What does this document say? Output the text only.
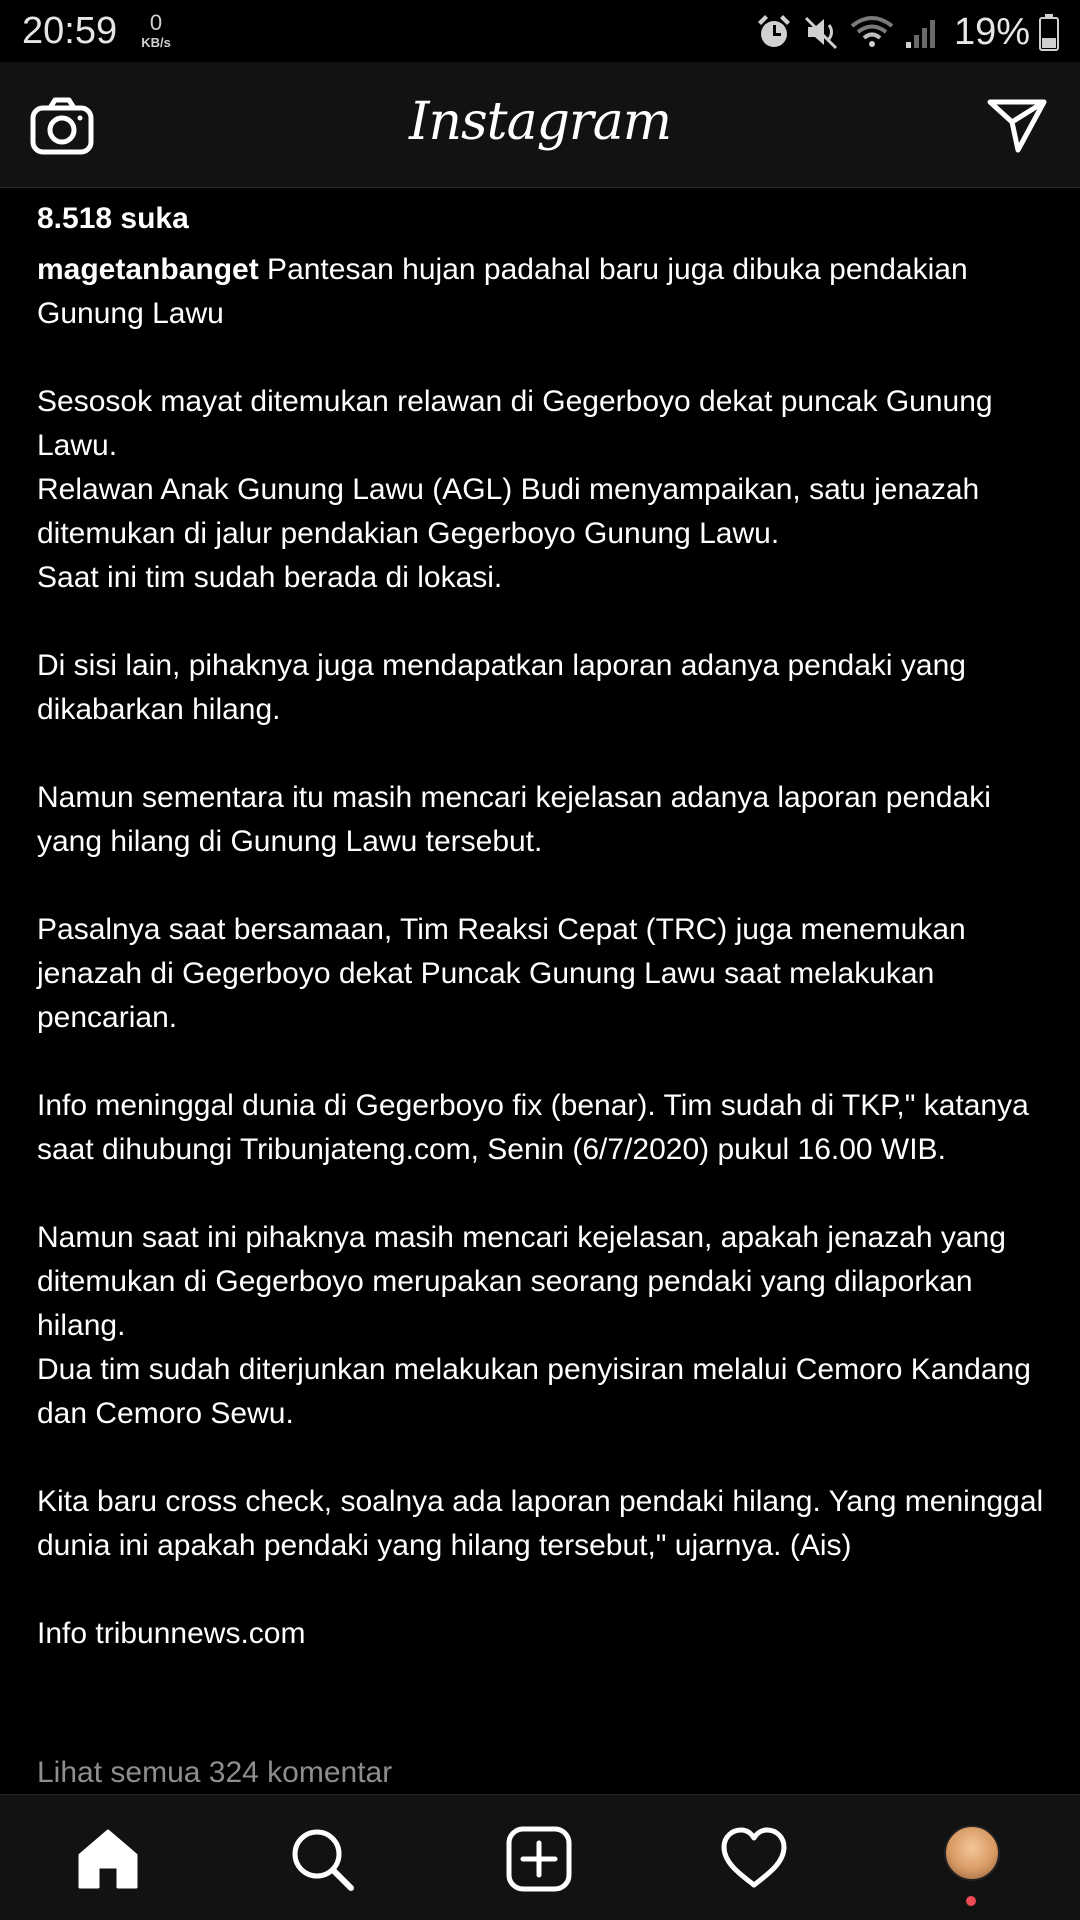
20:59	0
KB/s	19%
Instagram
8.518 suka

magetanbanget Pantesan hujan padahal baru juga dibuka pendakian Gunung Lawu

Sesosok mayat ditemukan relawan di Gegerboyo dekat puncak Gunung Lawu.

Relawan Anak Gunung Lawu (AGL) Budi menyampaikan, satu jenazah ditemukan di jalur pendakian Gegerboyo Gunung Lawu.

Saat ini tim sudah berada di lokasi.

Di sisi lain, pihaknya juga mendapatkan laporan adanya pendaki yang dikabarkan hilang.

Namun sementara itu masih mencari kejelasan adanya laporan pendaki yang hilang di Gunung Lawu tersebut.

Pasalnya saat bersamaan, Tim Reaksi Cepat (TRC) juga menemukan jenazah di Gegerboyo dekat Puncak Gunung Lawu saat melakukan pencarian.

Info meninggal dunia di Gegerboyo fix (benar). Tim sudah di TKP," katanya saat dihubungi Tribunjateng.com, Senin (6/7/2020) pukul 16.00 WIB.

Namun saat ini pihaknya masih mencari kejelasan, apakah jenazah yang ditemukan di Gegerboyo merupakan seorang pendaki yang dilaporkan hilang.

Dua tim sudah diterjunkan melakukan penyisiran melalui Cemoro Kandang dan Cemoro Sewu.

Kita baru cross check, soalnya ada laporan pendaki hilang. Yang meninggal dunia ini apakah pendaki yang hilang tersebut," ujarnya. (Ais)

Info tribunnews.com

Lihat semua 324 komentar
